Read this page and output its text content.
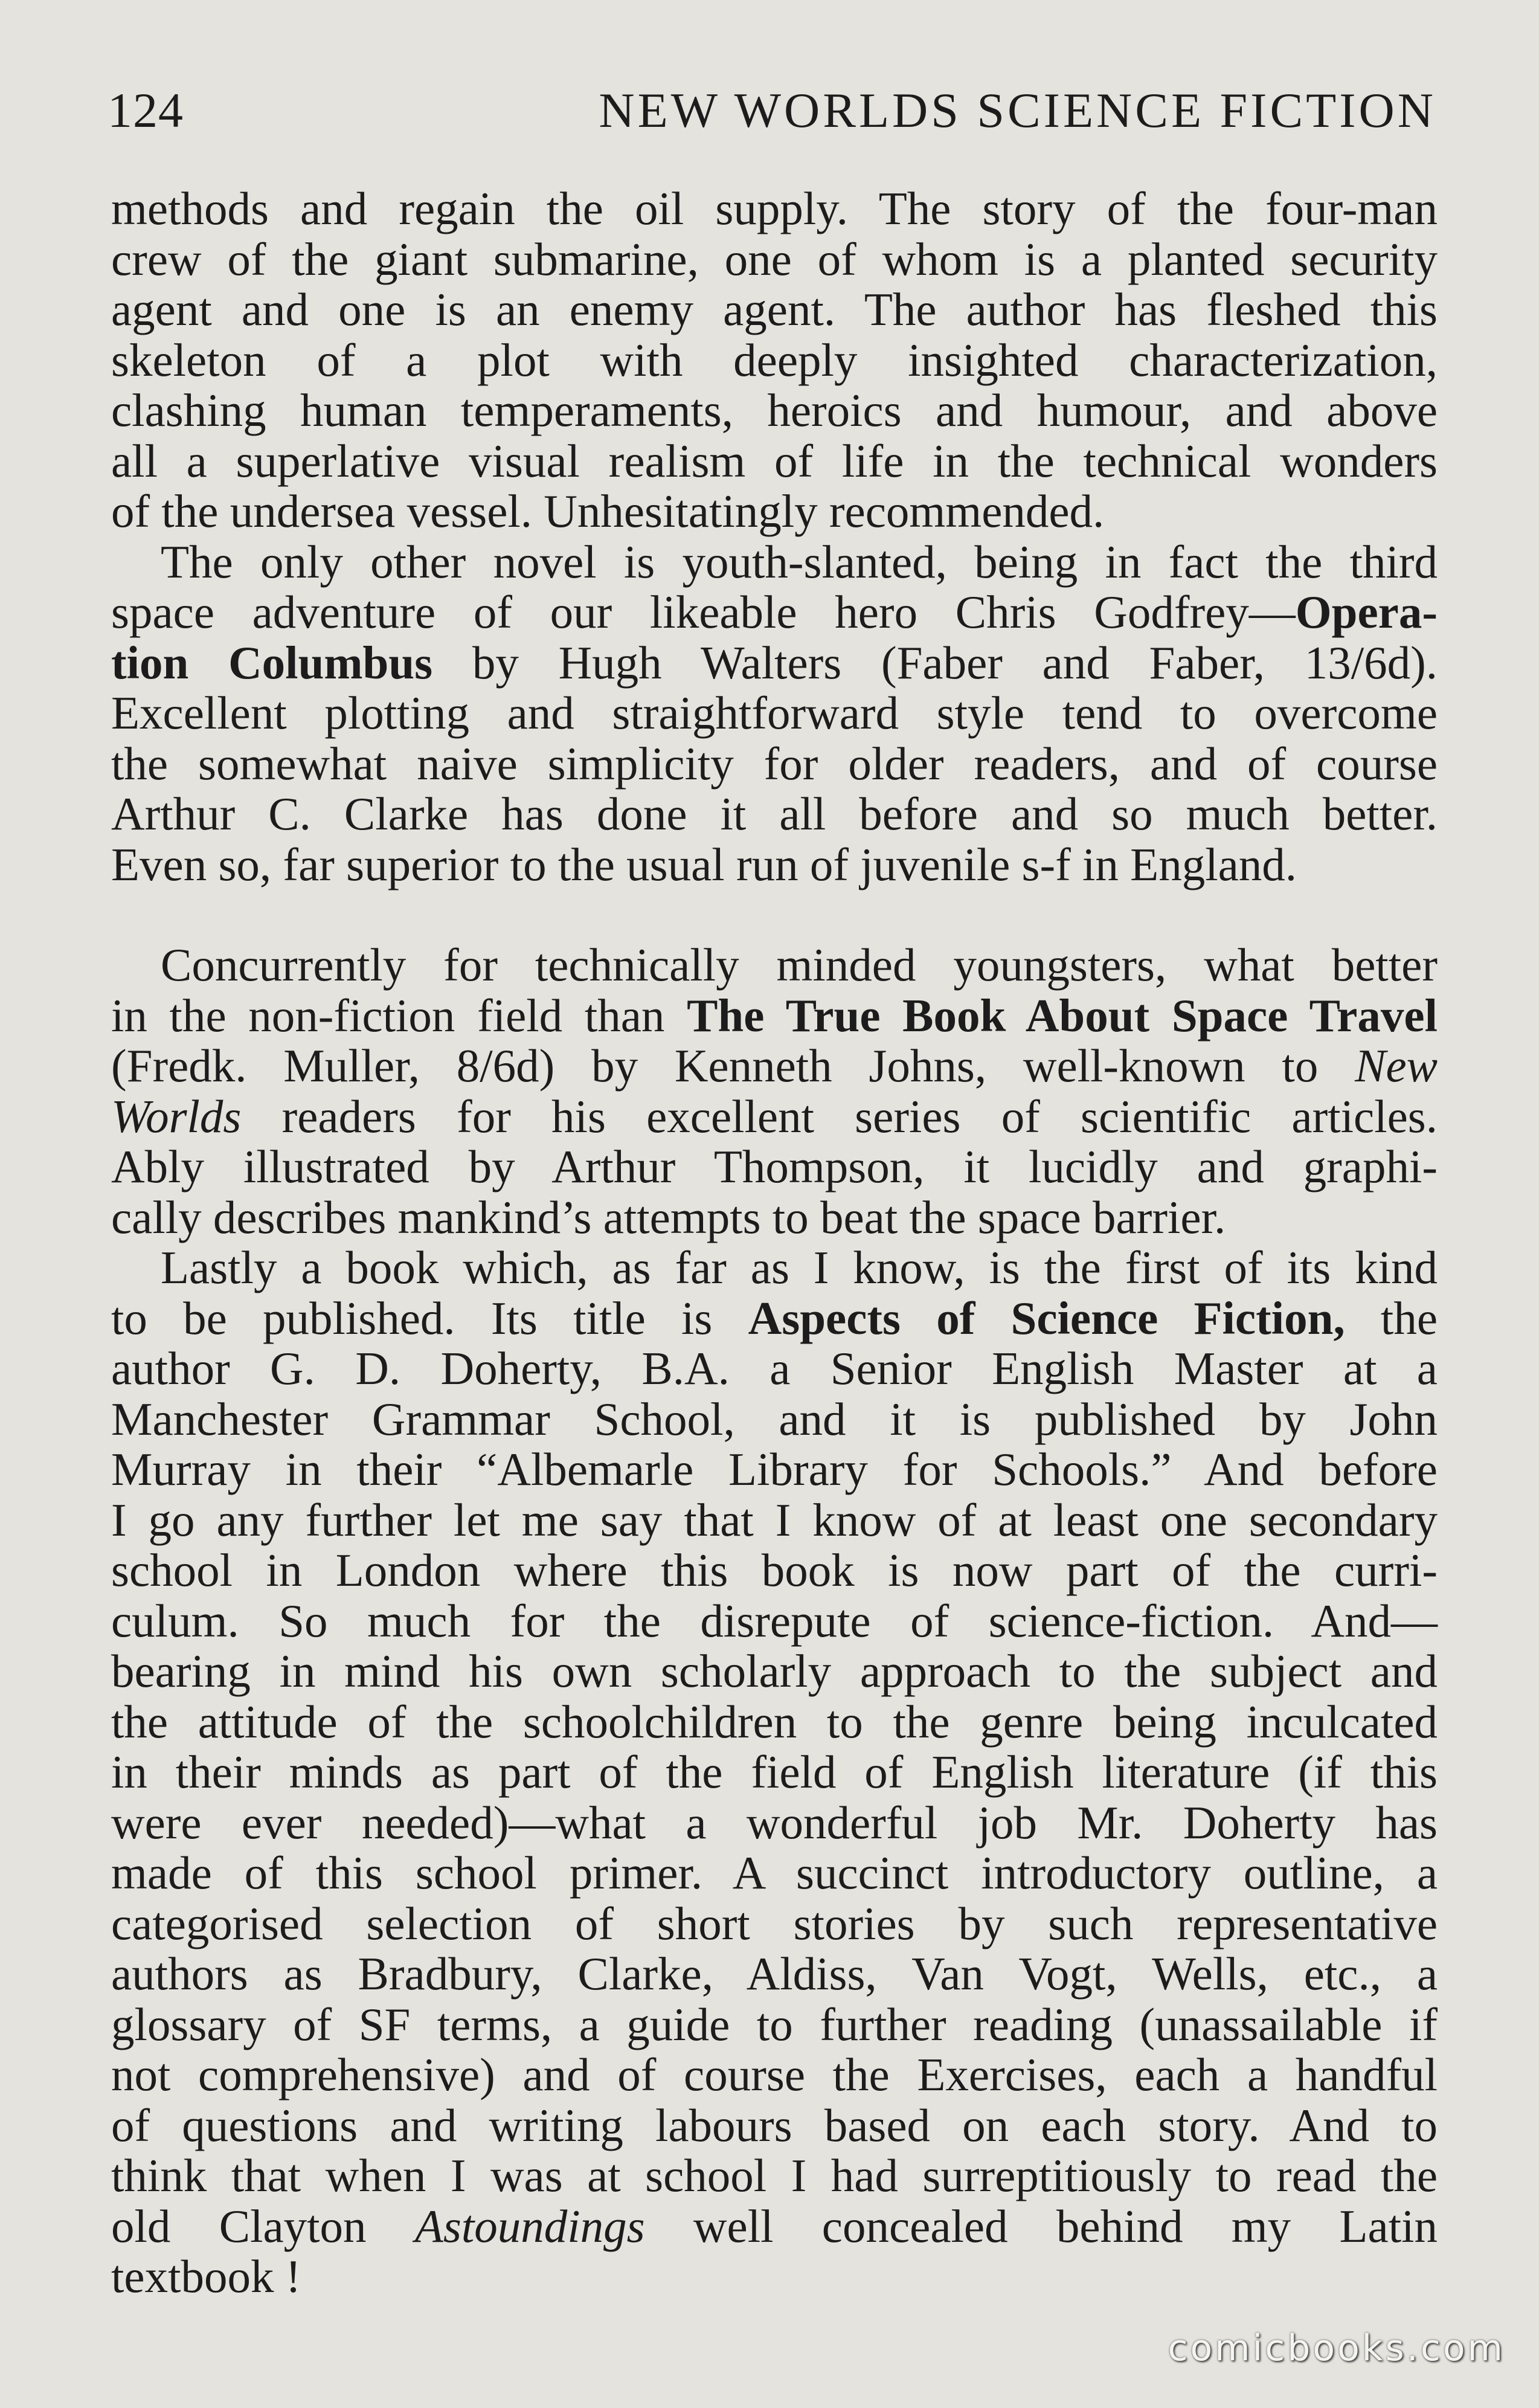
124	NEW WORLDS SCIENCE FICTION
methods and regain the oil supply. The story of the four-man
crew of the giant submarine, one of whom is a planted security
agent and one is an enemy agent. The author has fleshed this
skeleton of a plot with deeply insighted characterization,
clashing human temperaments, heroics and humour, and above
all a superlative visual realism of life in the technical wonders
of the undersea vessel. Unhesitatingly recommended.
The only other novel is youth-slanted, being in fact the third
space adventure of our likeable hero Chris Godfrey—Opera-
tion Columbus by Hugh Walters (Faber and Faber, 13/6d).
Excellent plotting and straightforward style tend to overcome
the somewhat naive simplicity for older readers, and of course
Arthur C. Clarke has done it all before and so much better.
Even so, far superior to the usual run of juvenile s-f in England.
Concurrently for technically minded youngsters, what better
in the non-fiction field than The True Book About Space Travel
(Fredk. Muller, 8/6d) by Kenneth Johns, well-known to New
Worlds readers for his excellent series of scientific articles.
Ably illustrated by Arthur Thompson, it lucidly and graphi-
cally describes mankind’s attempts to beat the space barrier.
Lastly a book which, as far as I know, is the first of its kind
to be published. Its title is Aspects of Science Fiction, the
author G. D. Doherty, B.A. a Senior English Master at a
Manchester Grammar School, and it is published by John
Murray in their “Albemarle Library for Schools.” And before
I go any further let me say that I know of at least one secondary
school in London where this book is now part of the curri-
culum. So much for the disrepute of science-fiction. And—
bearing in mind his own scholarly approach to the subject and
the attitude of the schoolchildren to the genre being inculcated
in their minds as part of the field of English literature (if this
were ever needed)—what a wonderful job Mr. Doherty has
made of this school primer. A succinct introductory outline, a
categorised selection of short stories by such representative
authors as Bradbury, Clarke, Aldiss, Van Vogt, Wells, etc., a
glossary of SF terms, a guide to further reading (unassailable if
not comprehensive) and of course the Exercises, each a handful
of questions and writing labours based on each story. And to
think that when I was at school I had surreptitiously to read the
old Clayton Astoundings well concealed behind my Latin
textbook !
comicbooks.com
